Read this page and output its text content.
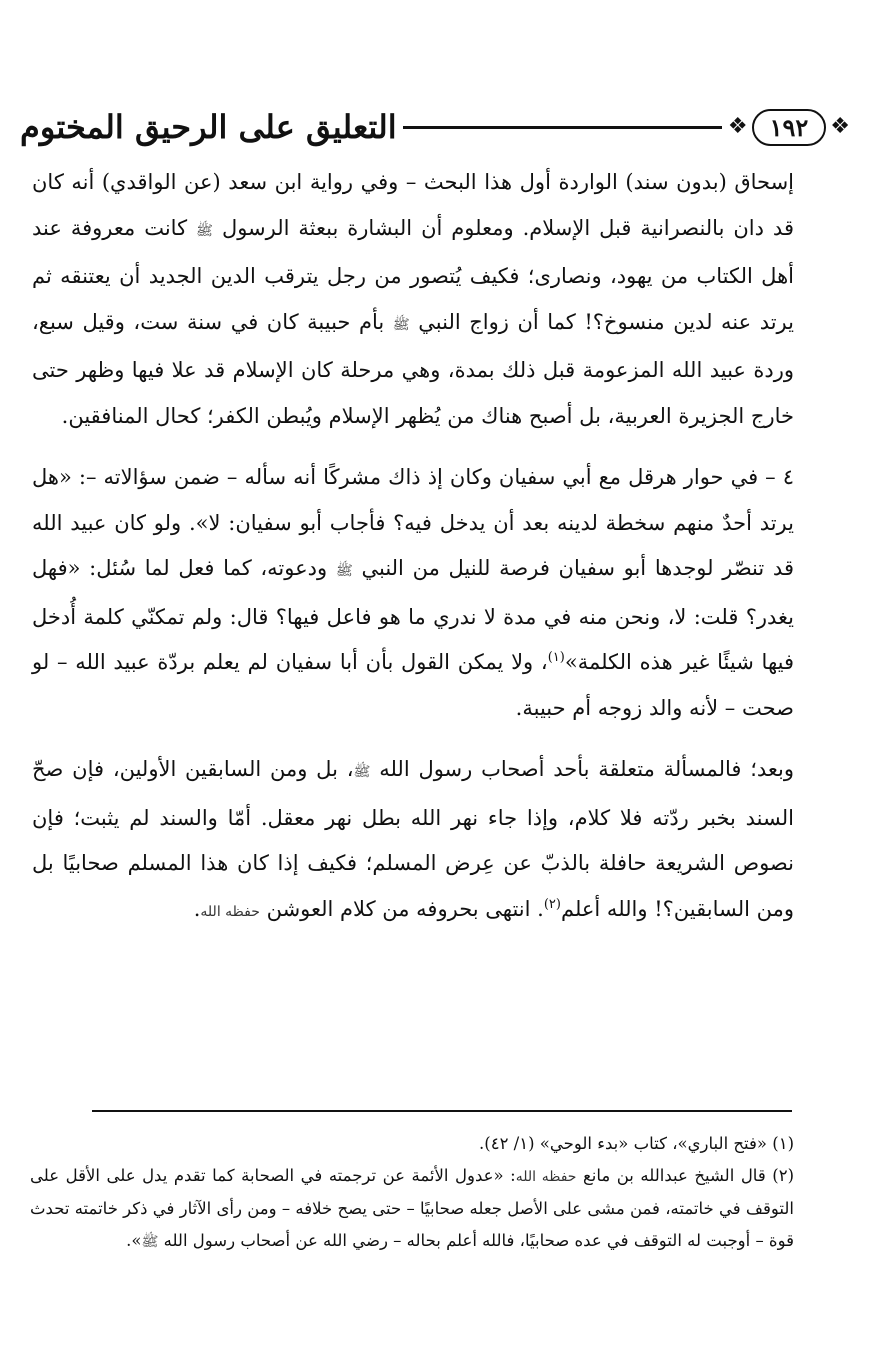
❖
١٩٢
❖
التعليق على الرحيق المختوم

إسحاق (بدون سند) الواردة أول هذا البحث – وفي رواية ابن سعد (عن الواقدي) أنه كان قد دان بالنصرانية قبل الإسلام. ومعلوم أن البشارة ببعثة الرسول ﷺ كانت معروفة عند أهل الكتاب من يهود، ونصارى؛ فكيف يُتصور من رجل يترقب الدين الجديد أن يعتنقه ثم يرتد عنه لدين منسوخ؟! كما أن زواج النبي ﷺ بأم حبيبة كان في سنة ست، وقيل سبع، وردة عبيد الله المزعومة قبل ذلك بمدة، وهي مرحلة كان الإسلام قد علا فيها وظهر حتى خارج الجزيرة العربية، بل أصبح هناك من يُظهر الإسلام ويُبطن الكفر؛ كحال المنافقين.

٤ – في حوار هرقل مع أبي سفيان وكان إذ ذاك مشركًا أنه سأله – ضمن سؤالاته –: «هل يرتد أحدٌ منهم سخطة لدينه بعد أن يدخل فيه؟ فأجاب أبو سفيان: لا». ولو كان عبيد الله قد تنصّر لوجدها أبو سفيان فرصة للنيل من النبي ﷺ ودعوته، كما فعل لما سُئل: «فهل يغدر؟ قلت: لا، ونحن منه في مدة لا ندري ما هو فاعل فيها؟ قال: ولم تمكنّي كلمة أُدخل فيها شيئًا غير هذه الكلمة»$^{(١)}$، ولا يمكن القول بأن أبا سفيان لم يعلم بردّة عبيد الله – لو صحت – لأنه والد زوجه أم حبيبة.

وبعد؛ فالمسألة متعلقة بأحد أصحاب رسول الله ﷺ، بل ومن السابقين الأولين، فإن صحّ السند بخبر ردّته فلا كلام، وإذا جاء نهر الله بطل نهر معقل. أمّا والسند لم يثبت؛ فإن نصوص الشريعة حافلة بالذبّ عن عِرض المسلم؛ فكيف إذا كان هذا المسلم صحابيًا بل ومن السابقين؟! والله أعلم$^{(٢)}$. انتهى بحروفه من كلام العوشن حفظه الله.

(١) «فتح الباري»، كتاب «بدء الوحي» (١/ ٤٢).

(٢) قال الشيخ عبدالله بن مانع حفظه الله: «عدول الأئمة عن ترجمته في الصحابة كما تقدم يدل على الأقل على التوقف في خاتمته، فمن مشى على الأصل جعله صحابيًا – حتى يصح خلافه – ومن رأى الآثار في ذكر خاتمته تحدث قوة – أوجبت له التوقف في عده صحابيًا، فالله أعلم بحاله – رضي الله عن أصحاب رسول الله ﷺ».
